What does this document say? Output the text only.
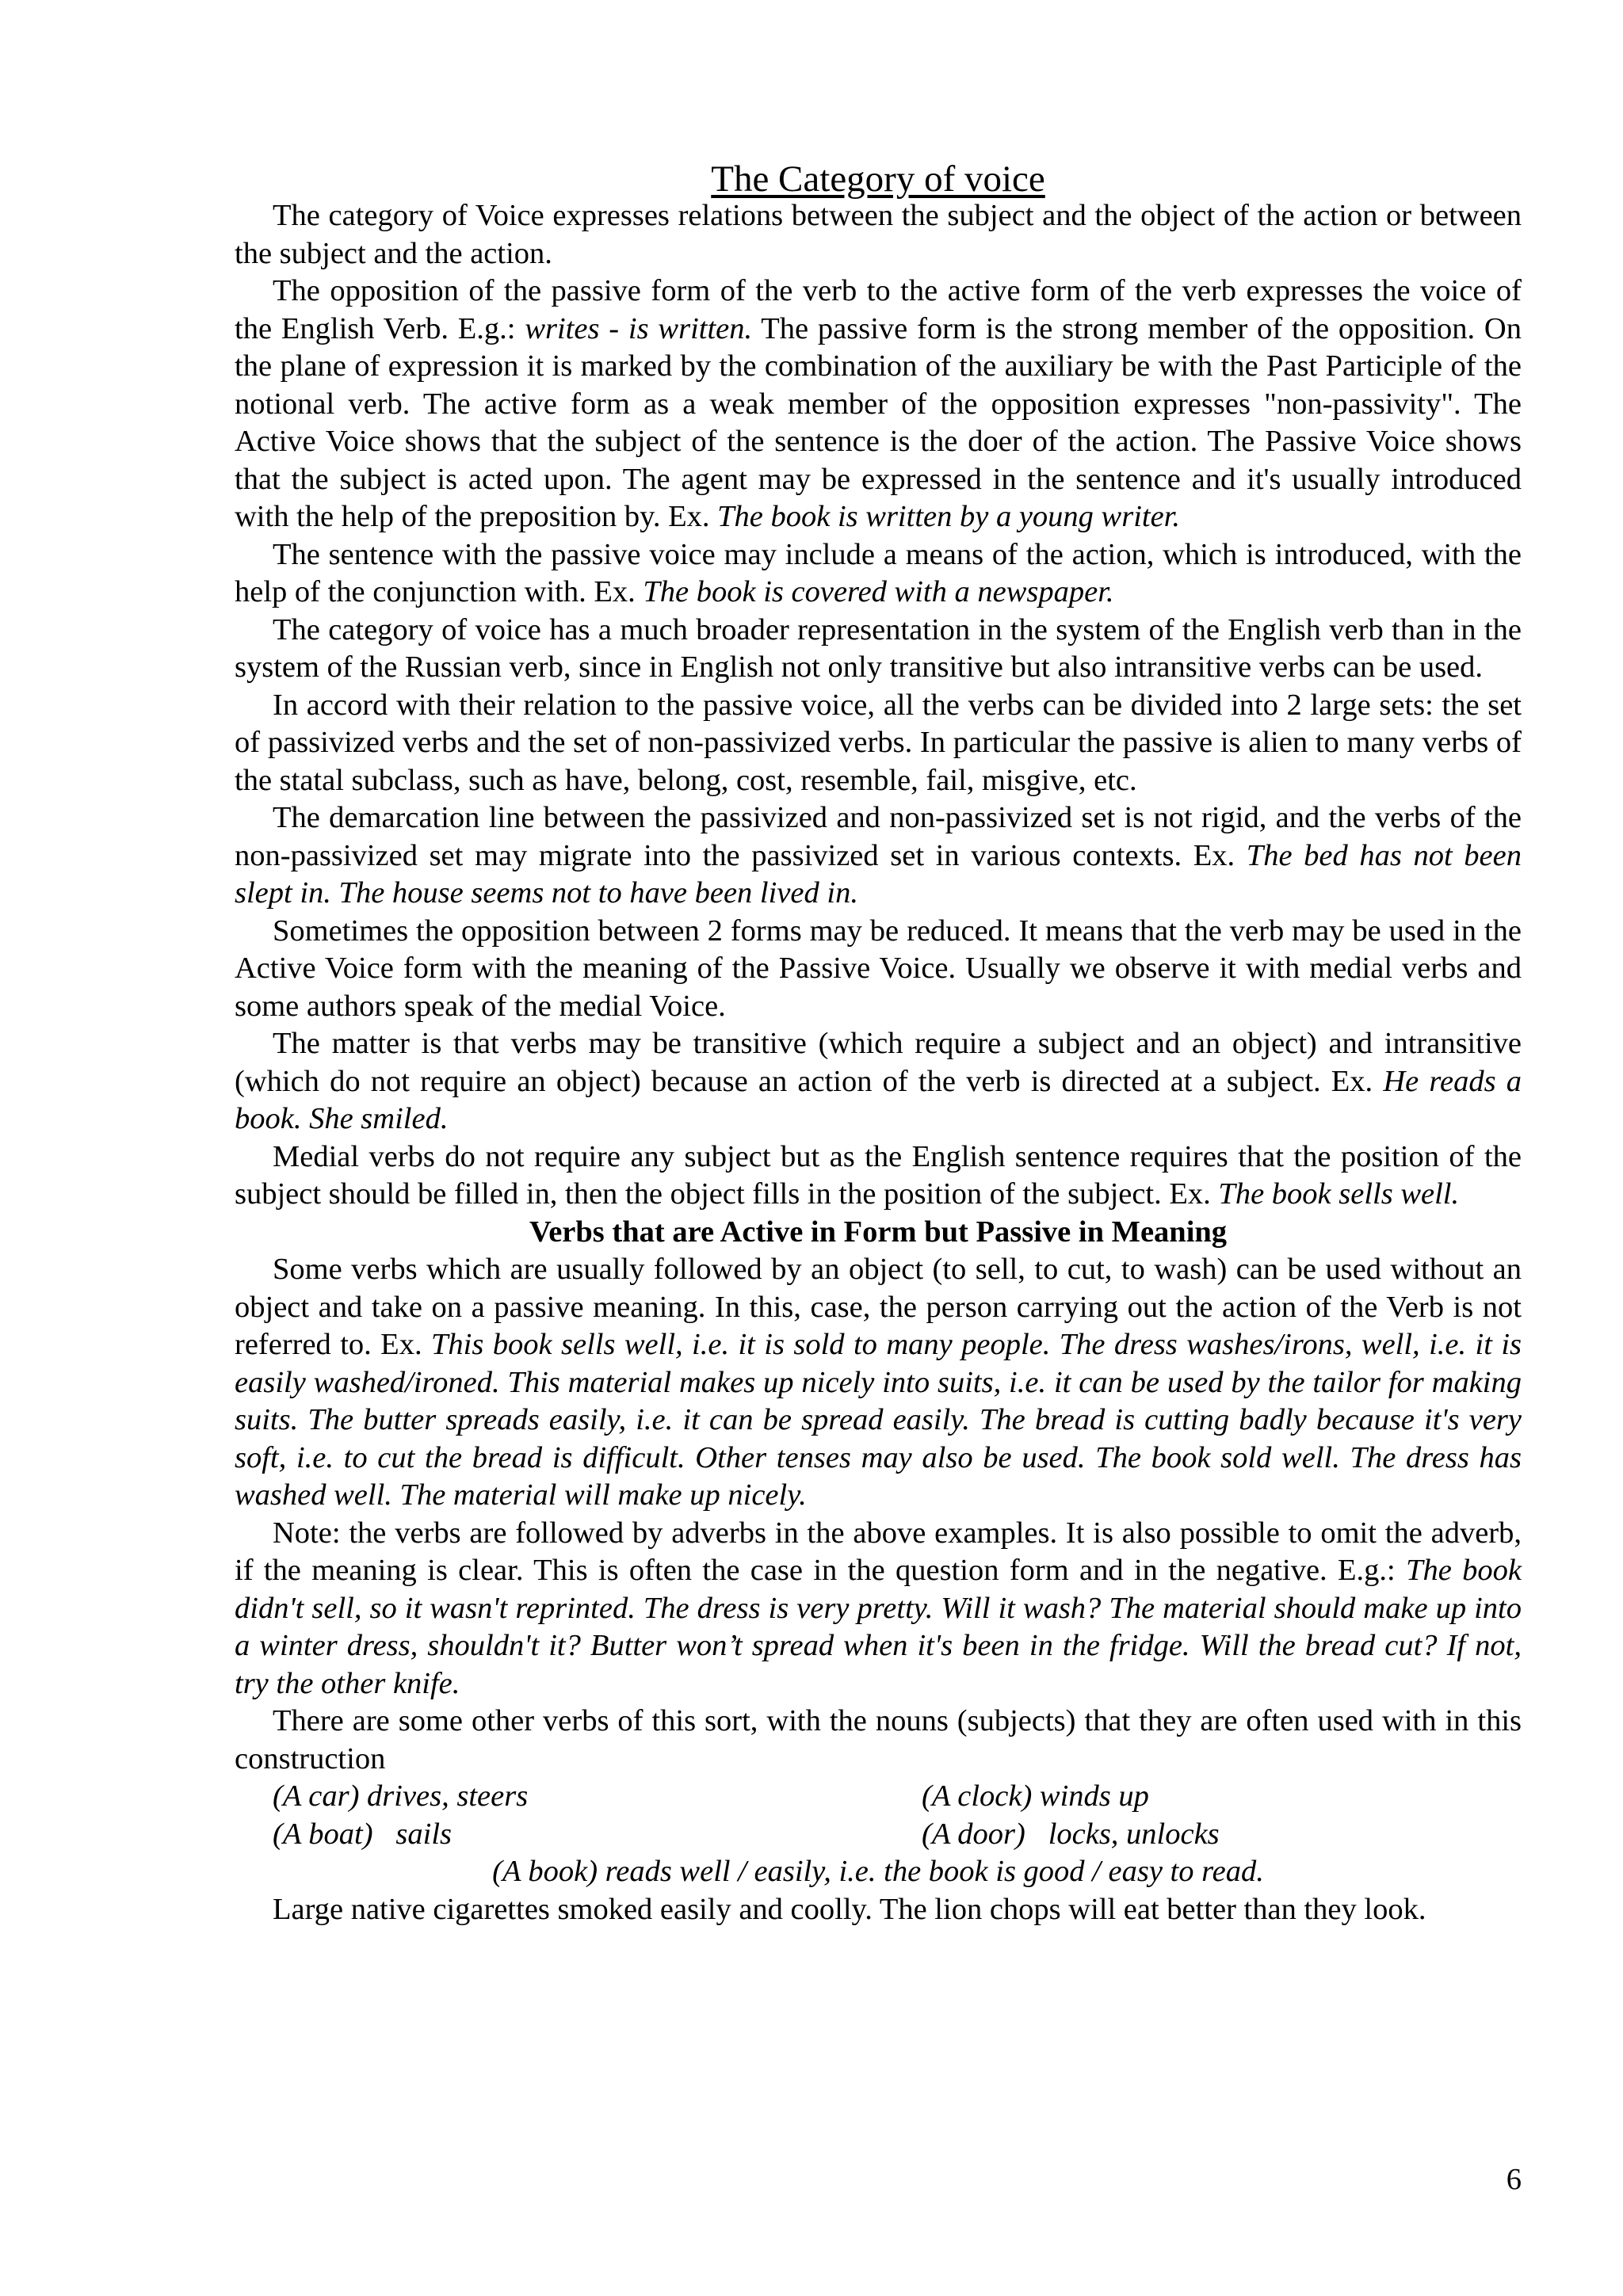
The Category of voice

The category of Voice expresses relations between the subject and the object of the action or between the subject and the action.

The opposition of the passive form of the verb to the active form of the verb expresses the voice of the English Verb. E.g.: writes - is written. The passive form is the strong member of the opposition. On the plane of expression it is marked by the combination of the auxiliary be with the Past Participle of the notional verb. The active form as a weak member of the opposition expresses "non-passivity". The Active Voice shows that the subject of the sentence is the doer of the action. The Passive Voice shows that the subject is acted upon. The agent may be expressed in the sentence and it's usually introduced with the help of the preposition by. Ex. The book is written by a young writer.

The sentence with the passive voice may include a means of the action, which is introduced, with the help of the conjunction with. Ex. The book is covered with a newspaper.

The category of voice has a much broader representation in the system of the English verb than in the system of the Russian verb, since in English not only transitive but also intransitive verbs can be used.

In accord with their relation to the passive voice, all the verbs can be divided into 2 large sets: the set of passivized verbs and the set of non-passivized verbs. In particular the passive is alien to many verbs of the statal subclass, such as have, belong, cost, resemble, fail, misgive, etc.

The demarcation line between the passivized and non-passivized set is not rigid, and the verbs of the non-passivized set may migrate into the passivized set in various contexts. Ex. The bed has not been slept in. The house seems not to have been lived in.

Sometimes the opposition between 2 forms may be reduced. It means that the verb may be used in the Active Voice form with the meaning of the Passive Voice. Usually we observe it with medial verbs and some authors speak of the medial Voice.

The matter is that verbs may be transitive (which require a subject and an object) and intransitive (which do not require an object) because an action of the verb is directed at a subject. Ex. He reads a book. She smiled.

Medial verbs do not require any subject but as the English sentence requires that the position of the subject should be filled in, then the object fills in the position of the subject. Ex. The book sells well.

Verbs that are Active in Form but Passive in Meaning

Some verbs which are usually followed by an object (to sell, to cut, to wash) can be used without an object and take on a passive meaning. In this, case, the person carrying out the action of the Verb is not referred to. Ex. This book sells well, i.e. it is sold to many people. The dress washes/irons, well, i.e. it is easily washed/ironed. This material makes up nicely into suits, i.e. it can be used by the tailor for making suits. The butter spreads easily, i.e. it can be spread easily. The bread is cutting badly because it's very soft, i.e. to cut the bread is difficult. Other tenses may also be used. The book sold well. The dress has washed well. The material will make up nicely.

Note: the verbs are followed by adverbs in the above examples. It is also possible to omit the adverb, if the meaning is clear. This is often the case in the question form and in the negative. E.g.: The book didn't sell, so it wasn't reprinted. The dress is very pretty. Will it wash? The material should make up into a winter dress, shouldn't it? Butter won’t spread when it's been in the fridge. Will the bread cut? If not, try the other knife.

There are some other verbs of this sort, with the nouns (subjects) that they are often used with in this construction

(A car) drives, steers	(A clock) winds up
(A boat)   sails	(A door)   locks, unlocks

(A book) reads well / easily, i.e. the book is good / easy to read.

Large native cigarettes smoked easily and coolly. The lion chops will eat better than they look.

6
